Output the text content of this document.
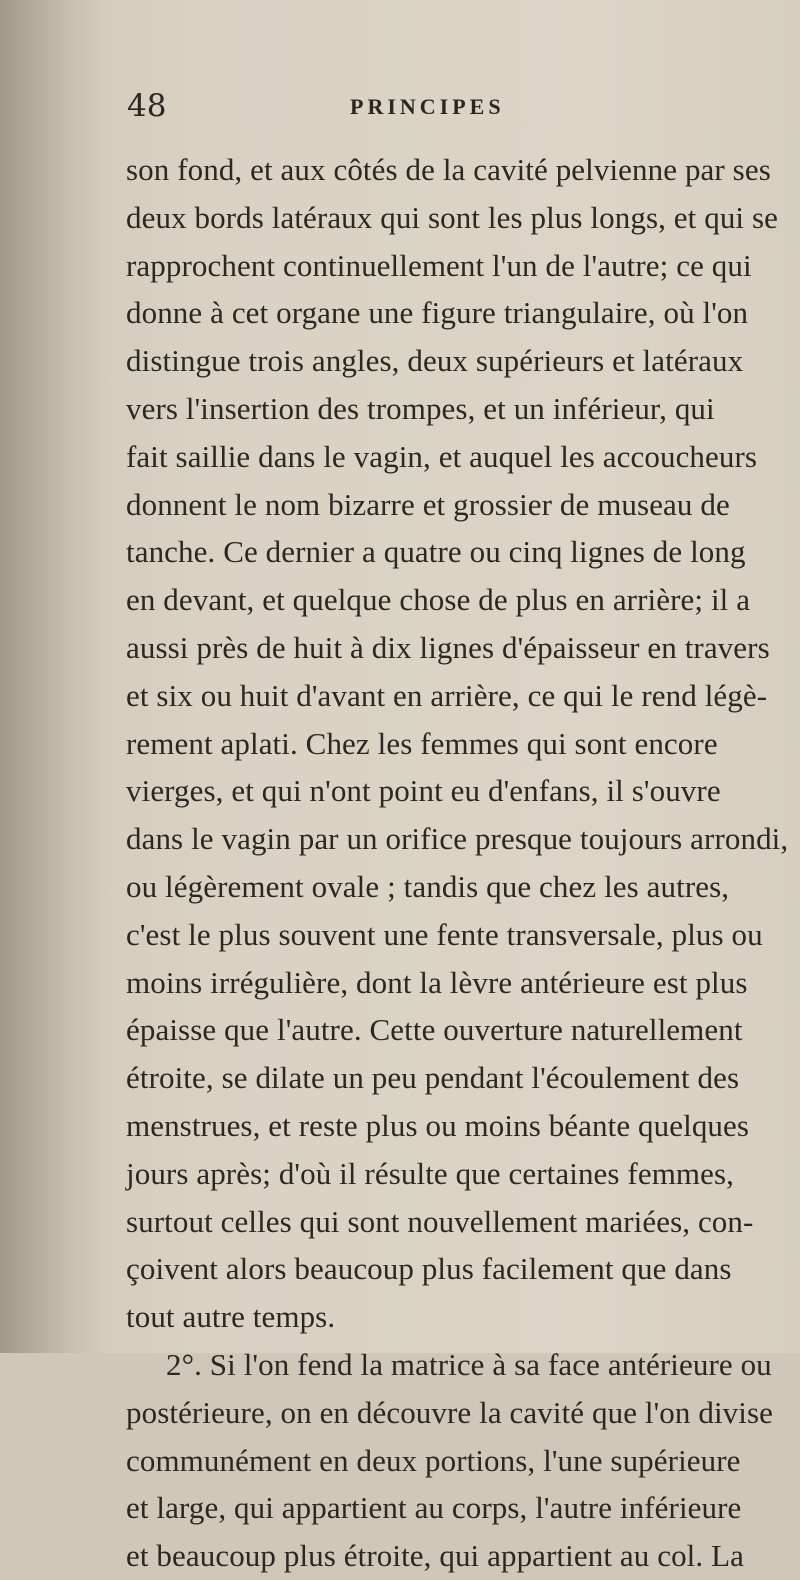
48	PRINCIPES
son fond, et aux côtés de la cavité pelvienne par ses
deux bords latéraux qui sont les plus longs, et qui se
rapprochent continuellement l'un de l'autre; ce qui
donne à cet organe une figure triangulaire, où l'on
distingue trois angles, deux supérieurs et latéraux
vers l'insertion des trompes, et un inférieur, qui
fait saillie dans le vagin, et auquel les accoucheurs
donnent le nom bizarre et grossier de museau de
tanche. Ce dernier a quatre ou cinq lignes de long
en devant, et quelque chose de plus en arrière; il a
aussi près de huit à dix lignes d'épaisseur en travers
et six ou huit d'avant en arrière, ce qui le rend légè-
rement aplati. Chez les femmes qui sont encore
vierges, et qui n'ont point eu d'enfans, il s'ouvre
dans le vagin par un orifice presque toujours arrondi,
ou légèrement ovale ; tandis que chez les autres,
c'est le plus souvent une fente transversale, plus ou
moins irrégulière, dont la lèvre antérieure est plus
épaisse que l'autre. Cette ouverture naturellement
étroite, se dilate un peu pendant l'écoulement des
menstrues, et reste plus ou moins béante quelques
jours après; d'où il résulte que certaines femmes,
surtout celles qui sont nouvellement mariées, con-
çoivent alors beaucoup plus facilement que dans
tout autre temps.
2°. Si l'on fend la matrice à sa face antérieure ou
postérieure, on en découvre la cavité que l'on divise
communément en deux portions, l'une supérieure
et large, qui appartient au corps, l'autre inférieure
et beaucoup plus étroite, qui appartient au col. La
